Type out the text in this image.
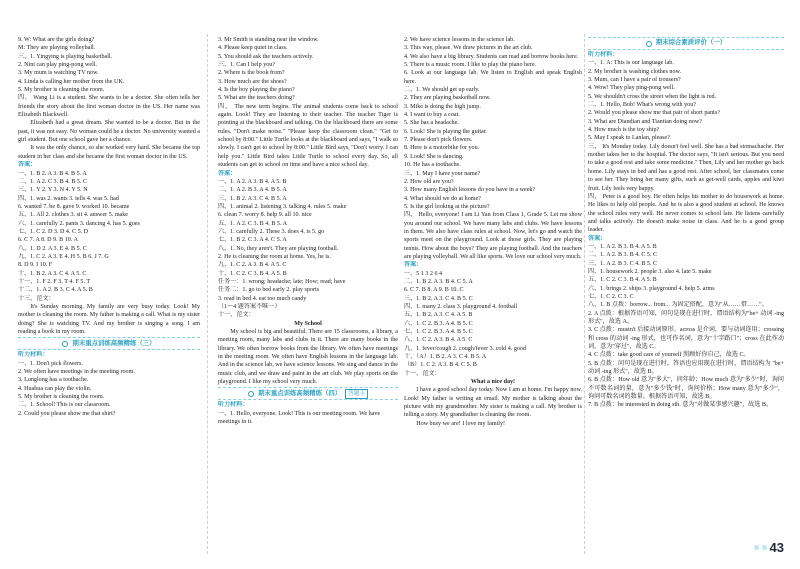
9. W: What are the girls doing?
M: They are playing volleyball.
三、1. Yingying is playing basketball.
2. Nini can play ping-pong well.
3. My mum is watching TV now.
4. Linda is calling her mother from the UK.
5. My brother is cleaning the room.
四、 Wang Li is a student. She wants to be a doctor. She often tells her friends the story about the first woman doctor in the US. Her name was Elizabeth Blackwell.
Elizabeth had a great dream. She wanted to be a doctor. But in the past, it was not easy. No woman could be a doctor. No university wanted a girl student. But one school gave her a chance.
It was the only chance, so she worked very hard. She became the top student in her class and she became the first woman doctor in the US.
答案：
一、1. B 2. A 3. B 4. B 5. A
二、1. A 2. C 3. B 4. B 5. C
三、1. Y 2. Y 3. N 4. Y 5. N
四、1. was 2. wants 3. tells 4. was 5. had
6. wanted 7. be 8. gave 9. worked 10. became
五、1. All 2. clothes 3. sit 4. answer 5. make
六、1. carefully 2. pants 3. dancing 4. has 5. goes
七、1. C 2. D 3. D 4. C 5. D
6. C 7. A 8. D 9. B 10. A
八、1. D 2. A 3. E 4. B 5. C
九、1. C 2. A 3. E 4. H 5. B 6. J 7. G
8. D 9. I 10. F
十、1. B 2. A 3. C 4. A 5. C
十一、1. F 2. F 3. T 4. F 5. T
十二、1. A 2. B 3. C 4. A 5. B
十三、范文：
It's Sunday morning. My family are very busy today. Look! My mother is cleaning the room. My father is making a call. What is my sister doing? She is watching TV. And my brother is singing a song. I am reading a book in my room.
期末重点训练高频精练（三）
听力材料：
一、1. Don't pick flowers.
2. We often have meetings in the meeting room.
3. Longlong has a toothache.
4. Huahua can play the violin.
5. My brother is cleaning the room.
二、1. School! This is our classroom.
2. Could you please show me that shirt?
3. Mr Smith is standing near the window.
4. Please keep quiet in class.
5. You should ask the teachers actively.
三、1. Can I help you?
2. Where is the book from?
3. How much are the shoes?
4. Is the boy playing the piano?
5. What are the teachers doing?
四、 The new term begins. The animal students come back to school again. Look! They are listening to their teacher. The teacher Tiger is pointing at the blackboard and talking. On the blackboard there are some rules. "Don't make noise." "Please keep the classroom clean." "Get to school by 8:00." Little Turtle looks at the blackboard and says, "I walk so slowly. I can't get to school by 8:00." Little Bird says, "Don't worry. I can help you." Little Bird takes Little Turtle to school every day. So, all students can get to school on time and have a nice school day.
答案：
一、1. A 2. A 3. B 4. A 5. B
二、1. A 2. B 3. A 4. B 5. A
三、1. B 2. A 3. C 4. B 5. A
四、1. animal 2. listening 3. talking 4. rules 5. make
6. clean 7. worry 8. help 9. all 10. nice
五、1. A 2. C 3. B 4. B 5. A
六、1. carefully 2. These 3. does 4. is 5. go
七、1. B 2. C 3. A 4. C 5. A
八、1. No, they aren't. They are playing football.
2. He is cleaning the room at home. Yes, he is.
九、1. C 2. A 3. B 4. A 5. C
十、1. C 2. C 3. B 4. A 5. B
任务一：1. wrong; headache; late; How; read; have
任务二：1. go to bed early 2. play sports
3. read in bed 4. eat too much candy
（1～4 题答案不唯一）
十一、范文：
My School
My school is big and beautiful. There are 15 classrooms, a library, a meeting room, many labs and clubs in it. There are many books in the library. We often borrow books from the library. We often have meetings in the meeting room. We often have English lessons in the language lab. And in the science lab, we have science lessons. We sing and dance in the music club, and we draw and paint in the art club. We play sports on the playground. I like my school very much.
期末重点训练高频精练（四）	答题卡
听力材料：
一、1. Hello, everyone. Look! This is our meeting room. We have
meetings in it.
2. We have science lessons in the science lab.
3. This way, please. We draw pictures in the art club.
4. We also have a big library. Students can read and borrow books here.
5. There is a music room. I like to play the piano here.
6. Look at our language lab. We listen to English and speak English here.
二、1. We should get up early.
2. They are playing basketball now.
3. Mike is doing the high jump.
4. I want to buy a coat.
5. She has a headache.
6. Look! She is playing the guitar.
7. Please don't pick flowers.
8. Here is a motorbike for you.
9. Look! She is dancing.
10. He has a toothache.
三、1. May I have your name?
2. How old are you?
3. How many English lessons do you have in a week?
4. What should we do at home?
5. Is the girl looking at the picture?
四、 Hello, everyone! I am Li Yan from Class 1, Grade 5. Let me show you around our school. We have many labs and clubs. We have lessons in them. We also have class rules at school. Now, let's go and watch the sports meet on the playground. Look at those girls. They are playing tennis. How about the boys? They are playing football. And the teachers are playing volleyball. We all like sports. We love our school very much.
答案：
一、5 1 3 2 6 4
二、1. B 2. A 3. B 4. C 5. A
6. C 7. B 8. A 9. B 10. C
三、1. B 2. A 3. C 4. B 5. C
四、1. many 2. class 3. playground 4. football
五、1. B 2. A 3. C 4. A 5. B
六、1. C 2. B 3. A 4. B 5. C
七、1. C 2. B 3. A 4. B 5. C
八、1. C 2. A 3. B 4. A 5. C
九、1. fever/cough 2. cough/fever 3. cold 4. good
十、（A）1. B 2. A 3. C 4. B 5. A
（B）1. C 2. A 3. B 4. C 5. B
十一、范文：
What a nice day!
I have a good school day today. Now I am at home. I'm happy now. Look! My father is writing an email. My mother is talking about the picture with my grandmother. My sister is making a call. My brother is telling a story. My grandfather is cleaning the room.
How busy we are! I love my family!
期末综合素质评价（一）
听力材料：
一、1. A: This is our language lab.
2. My brother is washing clothes now.
3. Mum, can I have a pair of trousers?
4. Wow! They play ping-pong well.
5. We shouldn't cross the street when the light is red.
二、1. Hello, Bob! What's wrong with you?
2. Would you please show me that pair of short pants?
3. What are Diandian and Tiantian doing now?
4. How much is the toy ship?
5. May I speak to Lanlan, please?
三、 It's Monday today. Lily doesn't feel well. She has a bad stomachache. Her mother takes her to the hospital. The doctor says, "It isn't serious. But you need to take a good rest and take some medicine." Then, Lily and her mother go back home. Lily stays in bed and has a good rest. After school, her classmates come to see her. They bring her many gifts, such as get-well cards, apples and kiwi fruit. Lily feels very happy.
四、 Peter is a good boy. He often helps his mother to do housework at home. He likes to help old people. And he is also a good student at school. He knows the school rules very well. He never comes to school late. He listens carefully and talks actively. He doesn't make noise in class. And he is a good group leader.
答案：
一、1. A 2. B 3. B 4. A 5. B
二、1. A 2. B 3. B 4. C 5. C
三、1. A 2. B 3. C 4. B 5. C
四、1. housework 2. people 3. also 4. late 5. make
五、1. C 2. C 3. B 4. A 5. B
六、1. brings 2. ships 3. playground 4. help 5. arms
七、1. C 2. C 3. C
八、1. B 点拨：borrow... from... 为固定搭配，意为"从……借……"。
2. A 点拨：根据答语可知，问句是现在进行时，谓语结构为"be+ 动词 -ing 形式"，故选 A。
3. C 点拨：mustn't 后接动词原形。across 是介词，要与动词连用；crossing 和 cross 的动词 -ing 形式，也可作名词，意为"十字路口"；cross 在此作动词，意为"穿过"，故选 C。
4. C 点拨：take good care of yourself 照顾好你自己，故选 C。
5. B 点拨：问句是现在进行时，答语也应用现在进行时，谓语结构为 "be+ 动词 -ing 形式"，故选 B。
6. B 点拨：How old 意为"多大"，问年龄；How much 意为"多少"时，询问不可数名词的量，意为"多少钱"时，询问价格；How many 意为"多少"，询问可数名词的数量。根据答语可知，故选 B。
7. B 点拨：be interested in doing sth. 意为"对做某事感兴趣"，故选 B。
43
